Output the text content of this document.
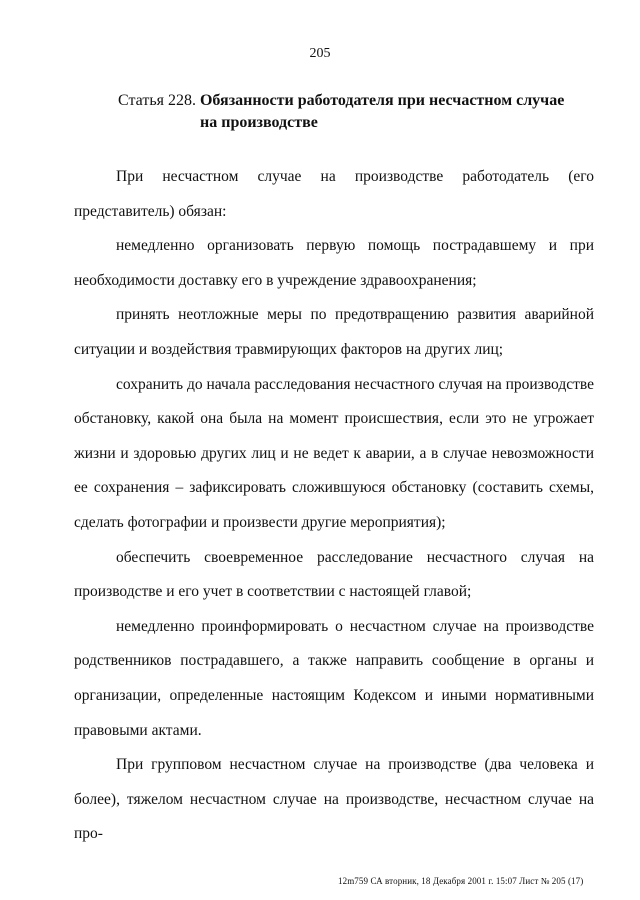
205
Статья 228. Обязанности работодателя при несчастном случае
на производстве

При несчастном случае на производстве работодатель (его представитель) обязан:

немедленно организовать первую помощь пострадавшему и при необходимости доставку его в учреждение здравоохранения;

принять неотложные меры по предотвращению развития аварийной ситуации и воздействия травмирующих факторов на других лиц;

сохранить до начала расследования несчастного случая на производстве обстановку, какой она была на момент происшествия, если это не угрожает жизни и здоровью других лиц и не ведет к аварии, а в случае невозможности ее сохранения – зафиксировать сложившуюся обстановку (составить схемы, сделать фотографии и произвести другие мероприятия);

обеспечить своевременное расследование несчастного случая на производстве и его учет в соответствии с настоящей главой;

немедленно проинформировать о несчастном случае на производстве родственников пострадавшего, а также направить сообщение в органы и организации, определенные настоящим Кодексом и иными нормативными правовыми актами.

При групповом несчастном случае на производстве (два человека и более), тяжелом несчастном случае на производстве, несчастном случае на про-

12m759 СА вторник, 18 Декабря 2001 г. 15:07 Лист № 205 (17)
